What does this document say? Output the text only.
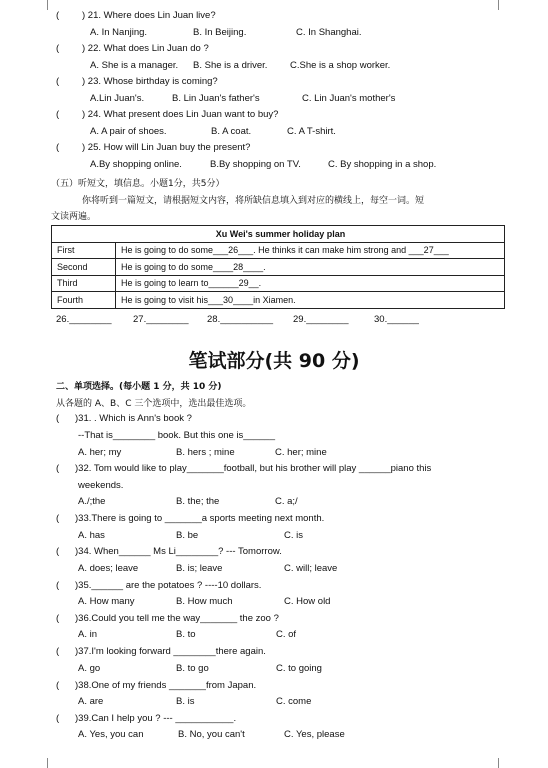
( ) 21. Where does Lin Juan live?
A. In Nanjing.	B. In Beijing.	C. In Shanghai.
( ) 22. What does Lin Juan do ?
A. She is a manager. B. She is a driver. C.She is a shop worker.
( ) 23. Whose birthday is coming?
A.Lin Juan's.	B. Lin Juan's father's	C. Lin Juan's mother's
( ) 24. What present does Lin Juan want to buy?
A. A pair of shoes.	B. A coat.	C. A T-shirt.
( ) 25. How will Lin Juan buy the present?
A.By shopping online.	B.By shopping on TV.	C. By shopping in a shop.
（五）听短文，填信息。小题1分，共5分）
你将听到一篇短文，请根据短文内容，将所缺信息填入到对应的横线上，每空一词。短
文读两遍。
Xu Wei's summer holiday plan	
First	He is going to do some___26___. He thinks it can make him strong and ___27___
Second	He is going to do some____28____.
Third	He is going to learn to______29__.
Fourth	He is going to visit his___30____in Xiamen.
26.________ 27.________ 28.__________ 29.________	30.______
笔试部分(共 90 分)
二、单项选择。(每小题 1 分，共 10 分)
从各题的 A、B、C 三个选项中，选出最佳选项。
( )31. . Which is Ann's book ?
--That is________ book. But this one is______
A. her; my	B. hers ; mine	C. her; mine
( )32. Tom would like to play_______football, but his brother will play ______piano this
weekends.
A./;the	B. the; the	C. a;/
( )33.There is going to _______a sports meeting next month.
A. has	B. be	C. is
( )34. When______ Ms Li________? --- Tomorrow.
A. does; leave	B. is; leave	C. will; leave
( )35.______ are the potatoes ? ----10 dollars.
A. How many	B. How much	C. How old
( )36.Could you tell me the way_______ the zoo ?
A. in	B. to	C. of
( )37.I'm looking forward ________there again.
A. go	B. to go	C. to going
( )38.One of my friends _______from Japan.
A. are	B. is	C. come
( )39.Can I help you ? --- ___________.
A. Yes, you can	B. No, you can't	C. Yes, please
